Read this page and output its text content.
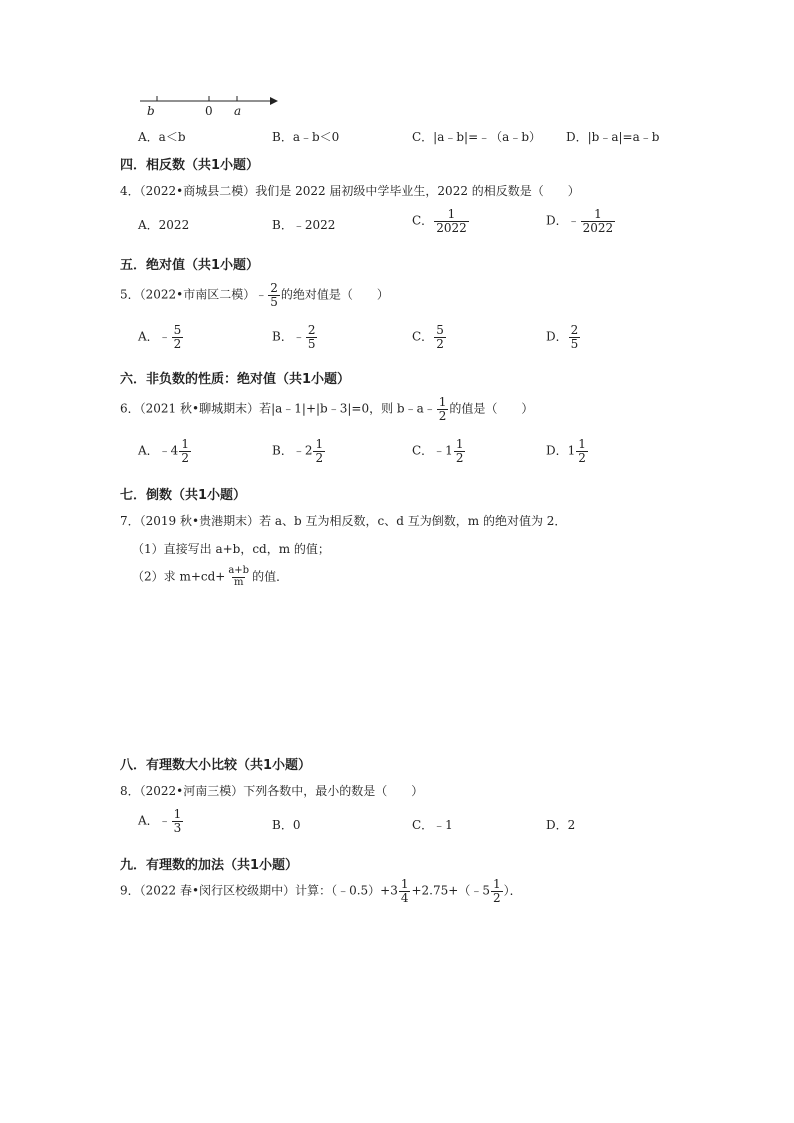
b	0 a
A．a＜b	B．a﹣b＜0	C．|a﹣b|=﹣（a﹣b） D．|b﹣a|=a﹣b
四．相反数（共1小题）
4．（2022•商城县二模）我们是 2022 届初级中学毕业生，2022 的相反数是（　　）
A．2022	B．﹣2022	C． $\frac{1}{2022}$	D．﹣ $\frac{1}{2022}$
五．绝对值（共1小题）
5．（2022•市南区二模）﹣ $\frac{2}{5}$ 的绝对值是（　　）
A．﹣ $\frac{5}{2}$	B．﹣ $\frac{2}{5}$	C． $\frac{5}{2}$	D． $\frac{2}{5}$
六．非负数的性质：绝对值（共1小题）
6．（2021 秋•聊城期末）若|a﹣1|+|b﹣3|=0，则 b﹣a﹣ $\frac{1}{2}$ 的值是（　　）
A．﹣4 $\frac{1}{2}$	B．﹣2 $\frac{1}{2}$	C．﹣1 $\frac{1}{2}$	D．$1 \frac{1}{2}$
七．倒数（共1小题）
7．（2019 秋•贵港期末）若 a、b 互为相反数，c、d 互为倒数，m 的绝对值为 2．
（1）直接写出 a+b，cd，m 的值；
（2）求 $m+cd+ \frac{a+b}{m}$ 的值．
八．有理数大小比较（共1小题）
8．（2022•河南三模）下列各数中，最小的数是（　　）
A．﹣ $\frac{1}{3}$	B．0	C．﹣1	D．2
九．有理数的加法（共1小题）
9．（2022 春•闵行区校级期中）计算：（﹣0.5）+3 $\frac{1}{4}$ +2.75+（﹣5 $\frac{1}{2}$ ）．
